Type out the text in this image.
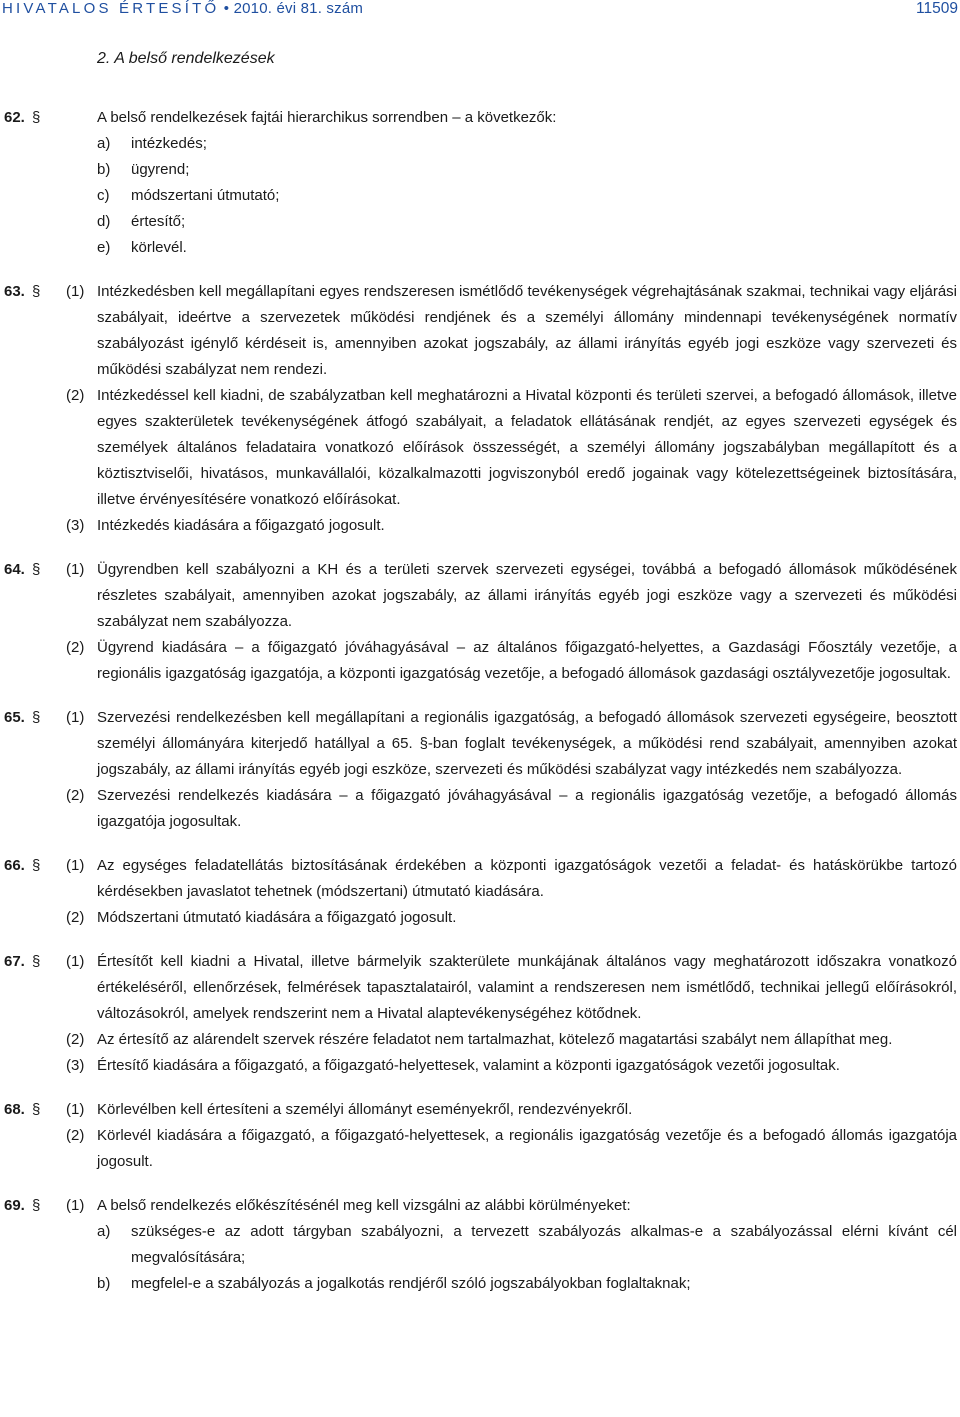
HIVATALOS ÉRTESÍTŐ • 2010. évi 81. szám	11509
2. A belső rendelkezések
62. §	A belső rendelkezések fajtái hierarchikus sorrendben – a következők:
a) intézkedés;
b) ügyrend;
c) módszertani útmutató;
d) értesítő;
e) körlevél.
63. § (1) Intézkedésben kell megállapítani egyes rendszeresen ismétlődő tevékenységek végrehajtásának szakmai, technikai vagy eljárási szabályait, ideértve a szervezetek működési rendjének és a személyi állomány mindennapi tevékenységének normatív szabályozást igénylő kérdéseit is, amennyiben azokat jogszabály, az állami irányítás egyéb jogi eszköze vagy szervezeti és működési szabályzat nem rendezi.
(2) Intézkedéssel kell kiadni, de szabályzatban kell meghatározni a Hivatal központi és területi szervei, a befogadó állomások, illetve egyes szakterületek tevékenységének átfogó szabályait, a feladatok ellátásának rendjét, az egyes szervezeti egységek és személyek általános feladataira vonatkozó előírások összességét, a személyi állomány jogszabályban megállapított és a köztisztviselői, hivatásos, munkavállalói, közalkalmazotti jogviszonyból eredő jogainak vagy kötelezettségeinek biztosítására, illetve érvényesítésére vonatkozó előírásokat.
(3) Intézkedés kiadására a főigazgató jogosult.
64. § (1) Ügyrendben kell szabályozni a KH és a területi szervek szervezeti egységei, továbbá a befogadó állomások működésének részletes szabályait, amennyiben azokat jogszabály, az állami irányítás egyéb jogi eszköze vagy a szervezeti és működési szabályzat nem szabályozza.
(2) Ügyrend kiadására – a főigazgató jóváhagyásával – az általános főigazgató-helyettes, a Gazdasági Főosztály vezetője, a regionális igazgatóság igazgatója, a központi igazgatóság vezetője, a befogadó állomások gazdasági osztályvezetője jogosultak.
65. § (1) Szervezési rendelkezésben kell megállapítani a regionális igazgatóság, a befogadó állomások szervezeti egységeire, beosztott személyi állományára kiterjedő hatállyal a 65. §-ban foglalt tevékenységek, a működési rend szabályait, amennyiben azokat jogszabály, az állami irányítás egyéb jogi eszköze, szervezeti és működési szabályzat vagy intézkedés nem szabályozza.
(2) Szervezési rendelkezés kiadására – a főigazgató jóváhagyásával – a regionális igazgatóság vezetője, a befogadó állomás igazgatója jogosultak.
66. § (1) Az egységes feladatellátás biztosításának érdekében a központi igazgatóságok vezetői a feladat- és hatáskörükbe tartozó kérdésekben javaslatot tehetnek (módszertani) útmutató kiadására.
(2) Módszertani útmutató kiadására a főigazgató jogosult.
67. § (1) Értesítőt kell kiadni a Hivatal, illetve bármelyik szakterülete munkájának általános vagy meghatározott időszakra vonatkozó értékeléséről, ellenőrzések, felmérések tapasztalatairól, valamint a rendszeresen nem ismétlődő, technikai jellegű előírásokról, változásokról, amelyek rendszerint nem a Hivatal alaptevékenységéhez kötődnek.
(2) Az értesítő az alárendelt szervek részére feladatot nem tartalmazhat, kötelező magatartási szabályt nem állapíthat meg.
(3) Értesítő kiadására a főigazgató, a főigazgató-helyettesek, valamint a központi igazgatóságok vezetői jogosultak.
68. § (1) Körlevélben kell értesíteni a személyi állományt eseményekről, rendezvényekről.
(2) Körlevél kiadására a főigazgató, a főigazgató-helyettesek, a regionális igazgatóság vezetője és a befogadó állomás igazgatója jogosult.
69. § (1) A belső rendelkezés előkészítésénél meg kell vizsgálni az alábbi körülményeket:
a) szükséges-e az adott tárgyban szabályozni, a tervezett szabályozás alkalmas-e a szabályozással elérni kívánt cél megvalósítására;
b) megfelel-e a szabályozás a jogalkotás rendjéről szóló jogszabályokban foglaltaknak;
